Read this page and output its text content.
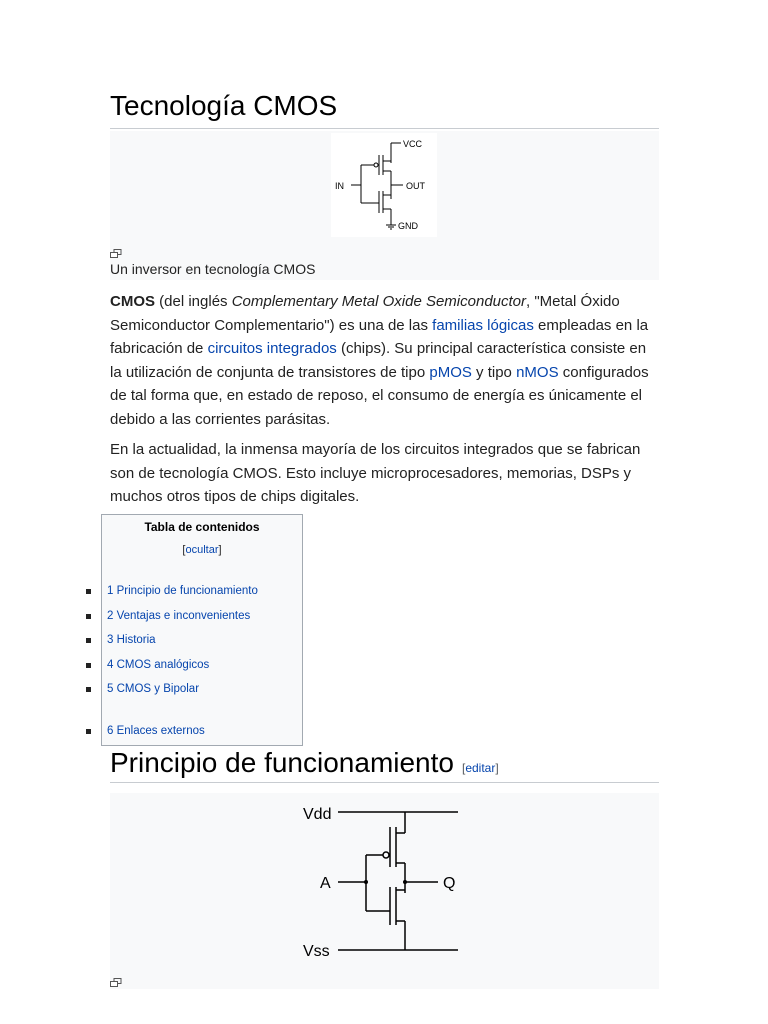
Tecnología CMOS
VCC
IN	OUT
GND
Un inversor en tecnología CMOS

CMOS (del inglés Complementary Metal Oxide Semiconductor, "Metal Óxido Semiconductor Complementario") es una de las familias lógicas empleadas en la fabricación de circuitos integrados (chips). Su principal característica consiste en la utilización de conjunta de transistores de tipo pMOS y tipo nMOS configurados de tal forma que, en estado de reposo, el consumo de energía es únicamente el debido a las corrientes parásitas.

En la actualidad, la inmensa mayoría de los circuitos integrados que se fabrican son de tecnología CMOS. Esto incluye microprocesadores, memorias, DSPs y muchos otros tipos de chips digitales.

Tabla de contenidos
[ocultar]
1 Principio de funcionamiento
2 Ventajas e inconvenientes
3 Historia
4 CMOS analógicos
5 CMOS y Bipolar
6 Enlaces externos
Principio de funcionamiento [editar]
Vdd
A	Q
Vss
